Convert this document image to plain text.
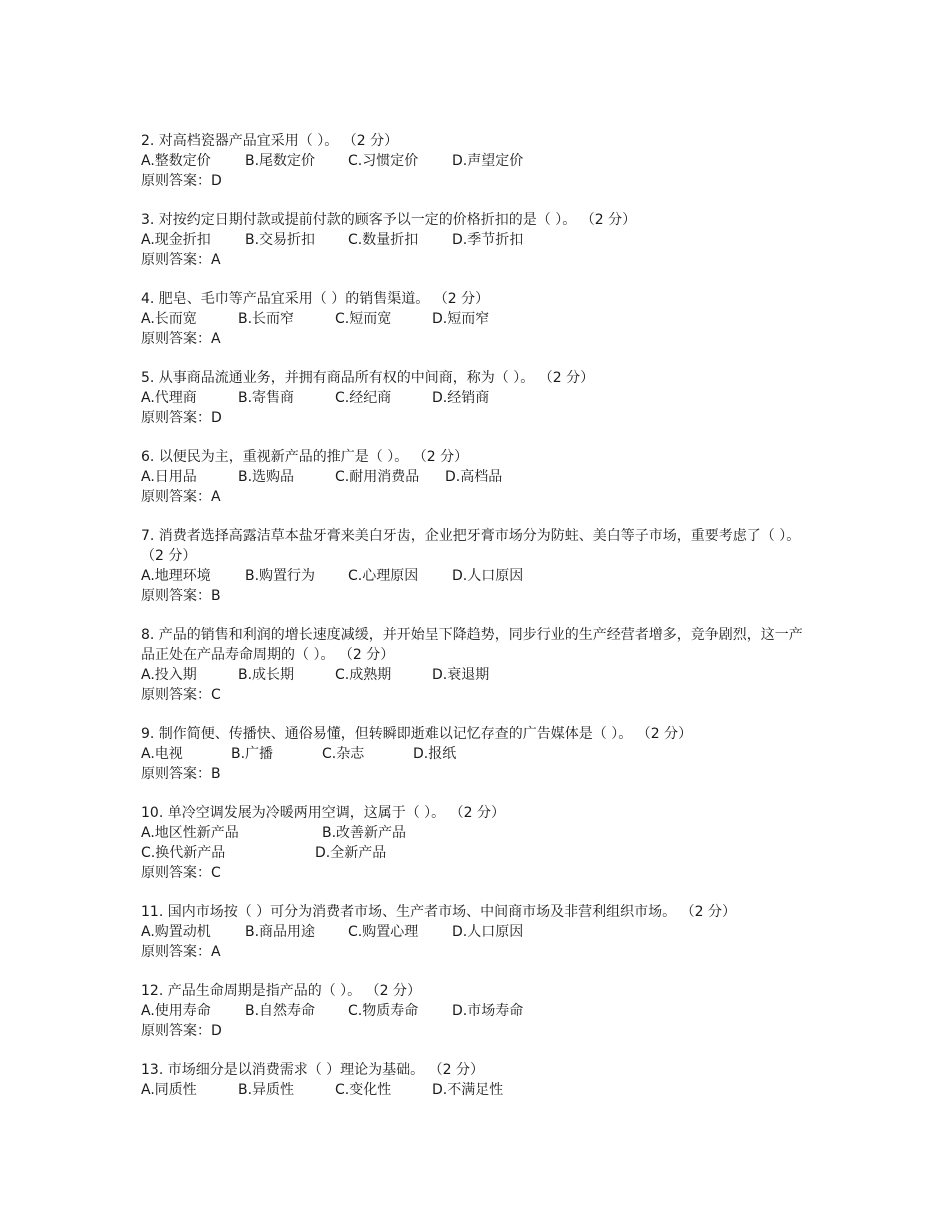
2. 对高档瓷器产品宜采用（ ）。 （2 分）
A.整数定价 B.尾数定价 C.习惯定价 D.声望定价
原则答案：D
3. 对按约定日期付款或提前付款的顾客予以一定的价格折扣的是（ ）。 （2 分）
A.现金折扣 B.交易折扣 C.数量折扣 D.季节折扣
原则答案：A
4. 肥皂、毛巾等产品宜采用（ ）的销售渠道。 （2 分）
A.长而宽	B.长而窄	C.短而宽	D.短而窄
原则答案：A
5. 从事商品流通业务，并拥有商品所有权的中间商，称为（ ）。 （2 分）
A.代理商	B.寄售商	C.经纪商	D.经销商
原则答案：D
6. 以便民为主，重视新产品的推广是（ ）。 （2 分）
A.日用品	B.选购品	C.耐用消费品 D.高档品
原则答案：A
7. 消费者选择高露洁草本盐牙膏来美白牙齿，企业把牙膏市场分为防蛀、美白等子市场，重要考虑了（ ）。 （2 分）
A.地理环境 B.购置行为 C.心理原因 D.人口原因
原则答案：B
8. 产品的销售和利润的增长速度减缓，并开始呈下降趋势，同步行业的生产经营者增多，竞争剧烈，这一产品正处在产品寿命周期的（ ）。 （2 分）
A.投入期	B.成长期	C.成熟期	D.衰退期
原则答案：C
9. 制作简便、传播快、通俗易懂，但转瞬即逝难以记忆存查的广告媒体是（ ）。 （2 分）
A.电视	B.广播	C.杂志	D.报纸
原则答案：B
10. 单冷空调发展为冷暖两用空调，这属于（ ）。 （2 分）
A.地区性新产品	B.改善新产品
C.换代新产品	D.全新产品
原则答案：C
11. 国内市场按（ ）可分为消费者市场、生产者市场、中间商市场及非营利组织市场。 （2 分）
A.购置动机 B.商品用途 C.购置心理 D.人口原因
原则答案：A
12. 产品生命周期是指产品的（ ）。 （2 分）
A.使用寿命 B.自然寿命 C.物质寿命 D.市场寿命
原则答案：D
13. 市场细分是以消费需求（ ）理论为基础。 （2 分）
A.同质性	B.异质性	C.变化性	D.不满足性
